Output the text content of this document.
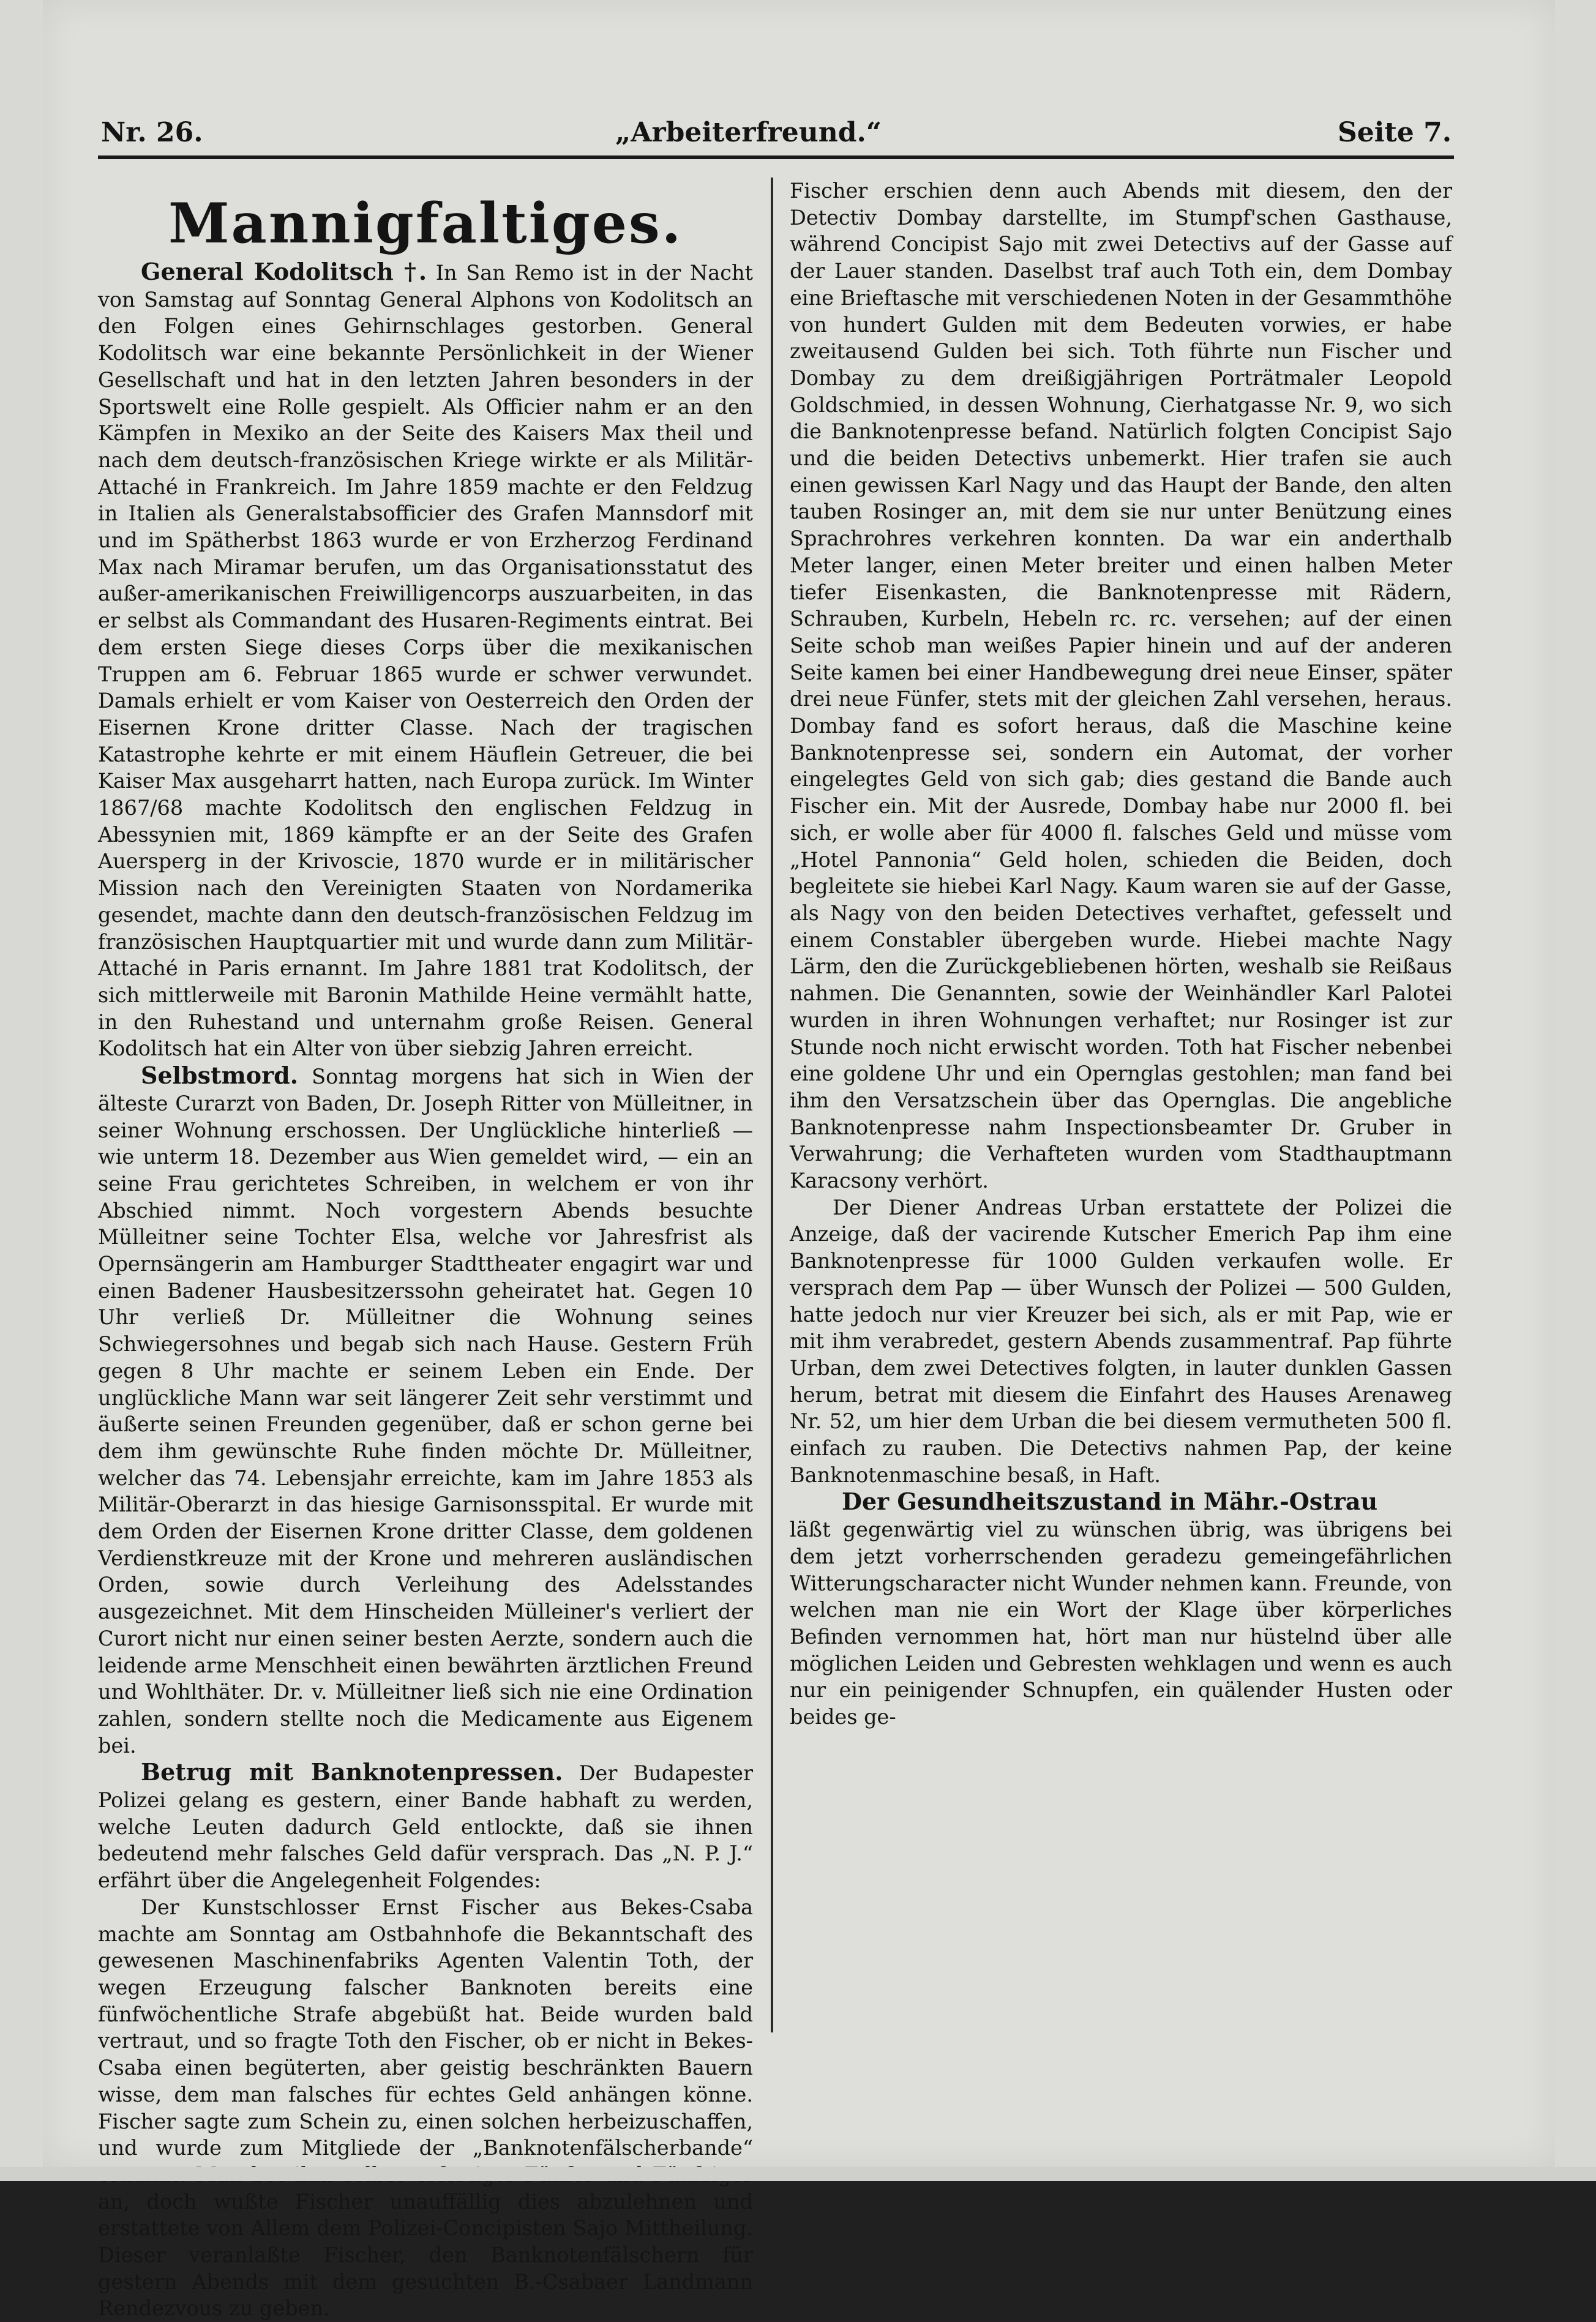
Nr. 26.	„Arbeiterfreund.“	Seite 7.
Mannigfaltiges.

General Kodolitsch †. In San Remo ist in der Nacht von Samstag auf Sonntag General Alphons von Kodolitsch an den Folgen eines Gehirnschlages gestorben. General Kodolitsch war eine bekannte Persönlichkeit in der Wiener Gesellschaft und hat in den letzten Jahren besonders in der Sportswelt eine Rolle gespielt. Als Officier nahm er an den Kämpfen in Mexiko an der Seite des Kaisers Max theil und nach dem deutsch-französischen Kriege wirkte er als Militär-Attaché in Frankreich. Im Jahre 1859 machte er den Feldzug in Italien als Generalstabsofficier des Grafen Mannsdorf mit und im Spätherbst 1863 wurde er von Erzherzog Ferdinand Max nach Miramar berufen, um das Organisationsstatut des außer-amerikanischen Freiwilligencorps auszuarbeiten, in das er selbst als Commandant des Husaren-Regiments eintrat. Bei dem ersten Siege dieses Corps über die mexikanischen Truppen am 6. Februar 1865 wurde er schwer verwundet. Damals erhielt er vom Kaiser von Oesterreich den Orden der Eisernen Krone dritter Classe. Nach der tragischen Katastrophe kehrte er mit einem Häuflein Getreuer, die bei Kaiser Max ausgeharrt hatten, nach Europa zurück. Im Winter 1867/68 machte Kodolitsch den englischen Feldzug in Abessynien mit, 1869 kämpfte er an der Seite des Grafen Auersperg in der Krivoscie, 1870 wurde er in militärischer Mission nach den Vereinigten Staaten von Nordamerika gesendet, machte dann den deutsch-französischen Feldzug im französischen Hauptquartier mit und wurde dann zum Militär-Attaché in Paris ernannt. Im Jahre 1881 trat Kodolitsch, der sich mittlerweile mit Baronin Mathilde Heine vermählt hatte, in den Ruhestand und unternahm große Reisen. General Kodolitsch hat ein Alter von über siebzig Jahren erreicht.

Selbstmord. Sonntag morgens hat sich in Wien der älteste Curarzt von Baden, Dr. Joseph Ritter von Mülleitner, in seiner Wohnung erschossen. Der Unglückliche hinterließ — wie unterm 18. Dezember aus Wien gemeldet wird, — ein an seine Frau gerichtetes Schreiben, in welchem er von ihr Abschied nimmt. Noch vorgestern Abends besuchte Mülleitner seine Tochter Elsa, welche vor Jahresfrist als Opernsängerin am Hamburger Stadttheater engagirt war und einen Badener Hausbesitzerssohn geheiratet hat. Gegen 10 Uhr verließ Dr. Mülleitner die Wohnung seines Schwiegersohnes und begab sich nach Hause. Gestern Früh gegen 8 Uhr machte er seinem Leben ein Ende. Der unglückliche Mann war seit längerer Zeit sehr verstimmt und äußerte seinen Freunden gegenüber, daß er schon gerne bei dem ihm gewünschte Ruhe finden möchte Dr. Mülleitner, welcher das 74. Lebensjahr erreichte, kam im Jahre 1853 als Militär-Oberarzt in das hiesige Garnisonsspital. Er wurde mit dem Orden der Eisernen Krone dritter Classe, dem goldenen Verdienstkreuze mit der Krone und mehreren ausländischen Orden, sowie durch Verleihung des Adelsstandes ausgezeichnet. Mit dem Hinscheiden Mülleiner's verliert der Curort nicht nur einen seiner besten Aerzte, sondern auch die leidende arme Menschheit einen bewährten ärztlichen Freund und Wohlthäter. Dr. v. Mülleitner ließ sich nie eine Ordination zahlen, sondern stellte noch die Medicamente aus Eigenem bei.

Betrug mit Banknotenpressen. Der Budapester Polizei gelang es gestern, einer Bande habhaft zu werden, welche Leuten dadurch Geld entlockte, daß sie ihnen bedeutend mehr falsches Geld dafür versprach. Das „N. P. J.“ erfährt über die Angelegenheit Folgendes:

Der Kunstschlosser Ernst Fischer aus Bekes-Csaba machte am Sonntag am Ostbahnhofe die Bekanntschaft des gewesenen Maschinenfabriks Agenten Valentin Toth, der wegen Erzeugung falscher Banknoten bereits eine fünfwöchentliche Strafe abgebüßt hat. Beide wurden bald vertraut, und so fragte Toth den Fischer, ob er nicht in Bekes-Csaba einen begüterten, aber geistig beschränkten Bauern wisse, dem man falsches für echtes Geld anhängen könne. Fischer sagte zum Schein zu, einen solchen herbeizuschaffen, und wurde zum Mitgliede der „Banknotenfälscherbande“ an, doch wußte Fischer unauffällig dies abzulehnen und erstattete von Allem dem Polizei-Concipisten Sajo Mittheilung. Dieser veranlaßte Fischer, den Banknotenfälschern für gestern Abends mit dem gesuchten B.-Csabaer Landmann Rendezvous zu geben.

Fischer erschien denn auch Abends mit diesem, den der Detectiv Dombay darstellte, im Stumpf'schen Gasthause, während Concipist Sajo mit zwei Detectivs auf der Gasse auf der Lauer standen. Daselbst traf auch Toth ein, dem Dombay eine Brieftasche mit verschiedenen Noten in der Gesammthöhe von hundert Gulden mit dem Bedeuten vorwies, er habe zweitausend Gulden bei sich. Toth führte nun Fischer und Dombay zu dem dreißigjährigen Porträtmaler Leopold Goldschmied, in dessen Wohnung, Cierhatgasse Nr. 9, wo sich die Banknotenpresse befand. Natürlich folgten Concipist Sajo und die beiden Detectivs unbemerkt. Hier trafen sie auch einen gewissen Karl Nagy und das Haupt der Bande, den alten tauben Rosinger an, mit dem sie nur unter Benützung eines Sprachrohres verkehren konnten. Da war ein anderthalb Meter langer, einen Meter breiter und einen halben Meter tiefer Eisenkasten, die Banknotenpresse mit Rädern, Schrauben, Kurbeln, Hebeln rc. rc. versehen; auf der einen Seite schob man weißes Papier hinein und auf der anderen Seite kamen bei einer Handbewegung drei neue Einser, später drei neue Fünfer, stets mit der gleichen Zahl versehen, heraus. Dombay fand es sofort heraus, daß die Maschine keine Banknotenpresse sei, sondern ein Automat, der vorher eingelegtes Geld von sich gab; dies gestand die Bande auch Fischer ein. Mit der Ausrede, Dombay habe nur 2000 fl. bei sich, er wolle aber für 4000 fl. falsches Geld und müsse vom „Hotel Pannonia“ Geld holen, schieden die Beiden, doch begleitete sie hiebei Karl Nagy. Kaum waren sie auf der Gasse, als Nagy von den beiden Detectives verhaftet, gefesselt und einem Constabler übergeben wurde. Hiebei machte Nagy Lärm, den die Zurückgebliebenen hörten, weshalb sie Reißaus nahmen. Die Genannten, sowie der Weinhändler Karl Palotei wurden in ihren Wohnungen verhaftet; nur Rosinger ist zur Stunde noch nicht erwischt worden. Toth hat Fischer nebenbei eine goldene Uhr und ein Opernglas gestohlen; man fand bei ihm den Versatzschein über das Opernglas. Die angebliche Banknotenpresse nahm Inspectionsbeamter Dr. Gruber in Verwahrung; die Verhafteten wurden vom Stadthauptmann Karacsony verhört.

Der Diener Andreas Urban erstattete der Polizei die Anzeige, daß der vacirende Kutscher Emerich Pap ihm eine Banknotenpresse für 1000 Gulden verkaufen wolle. Er versprach dem Pap — über Wunsch der Polizei — 500 Gulden, hatte jedoch nur vier Kreuzer bei sich, als er mit Pap, wie er mit ihm verabredet, gestern Abends zusammentraf. Pap führte Urban, dem zwei Detectives folgten, in lauter dunklen Gassen herum, betrat mit diesem die Einfahrt des Hauses Arenaweg Nr. 52, um hier dem Urban die bei diesem vermutheten 500 fl. einfach zu rauben. Die Detectivs nahmen Pap, der keine Banknotenmaschine besaß, in Haft.

Der Gesundheitszustand in Mähr.-Ostrau

läßt gegenwärtig viel zu wünschen übrig, was übrigens bei dem jetzt vorherrschenden geradezu gemeingefährlichen Witterungscharacter nicht Wunder nehmen kann. Freunde, von welchen man nie ein Wort der Klage über körperliches Befinden vernommen hat, hört man nur hüstelnd über alle möglichen Leiden und Gebresten wehklagen und wenn es auch nur ein peinigender Schnupfen, ein quälender Husten oder beides ge-
